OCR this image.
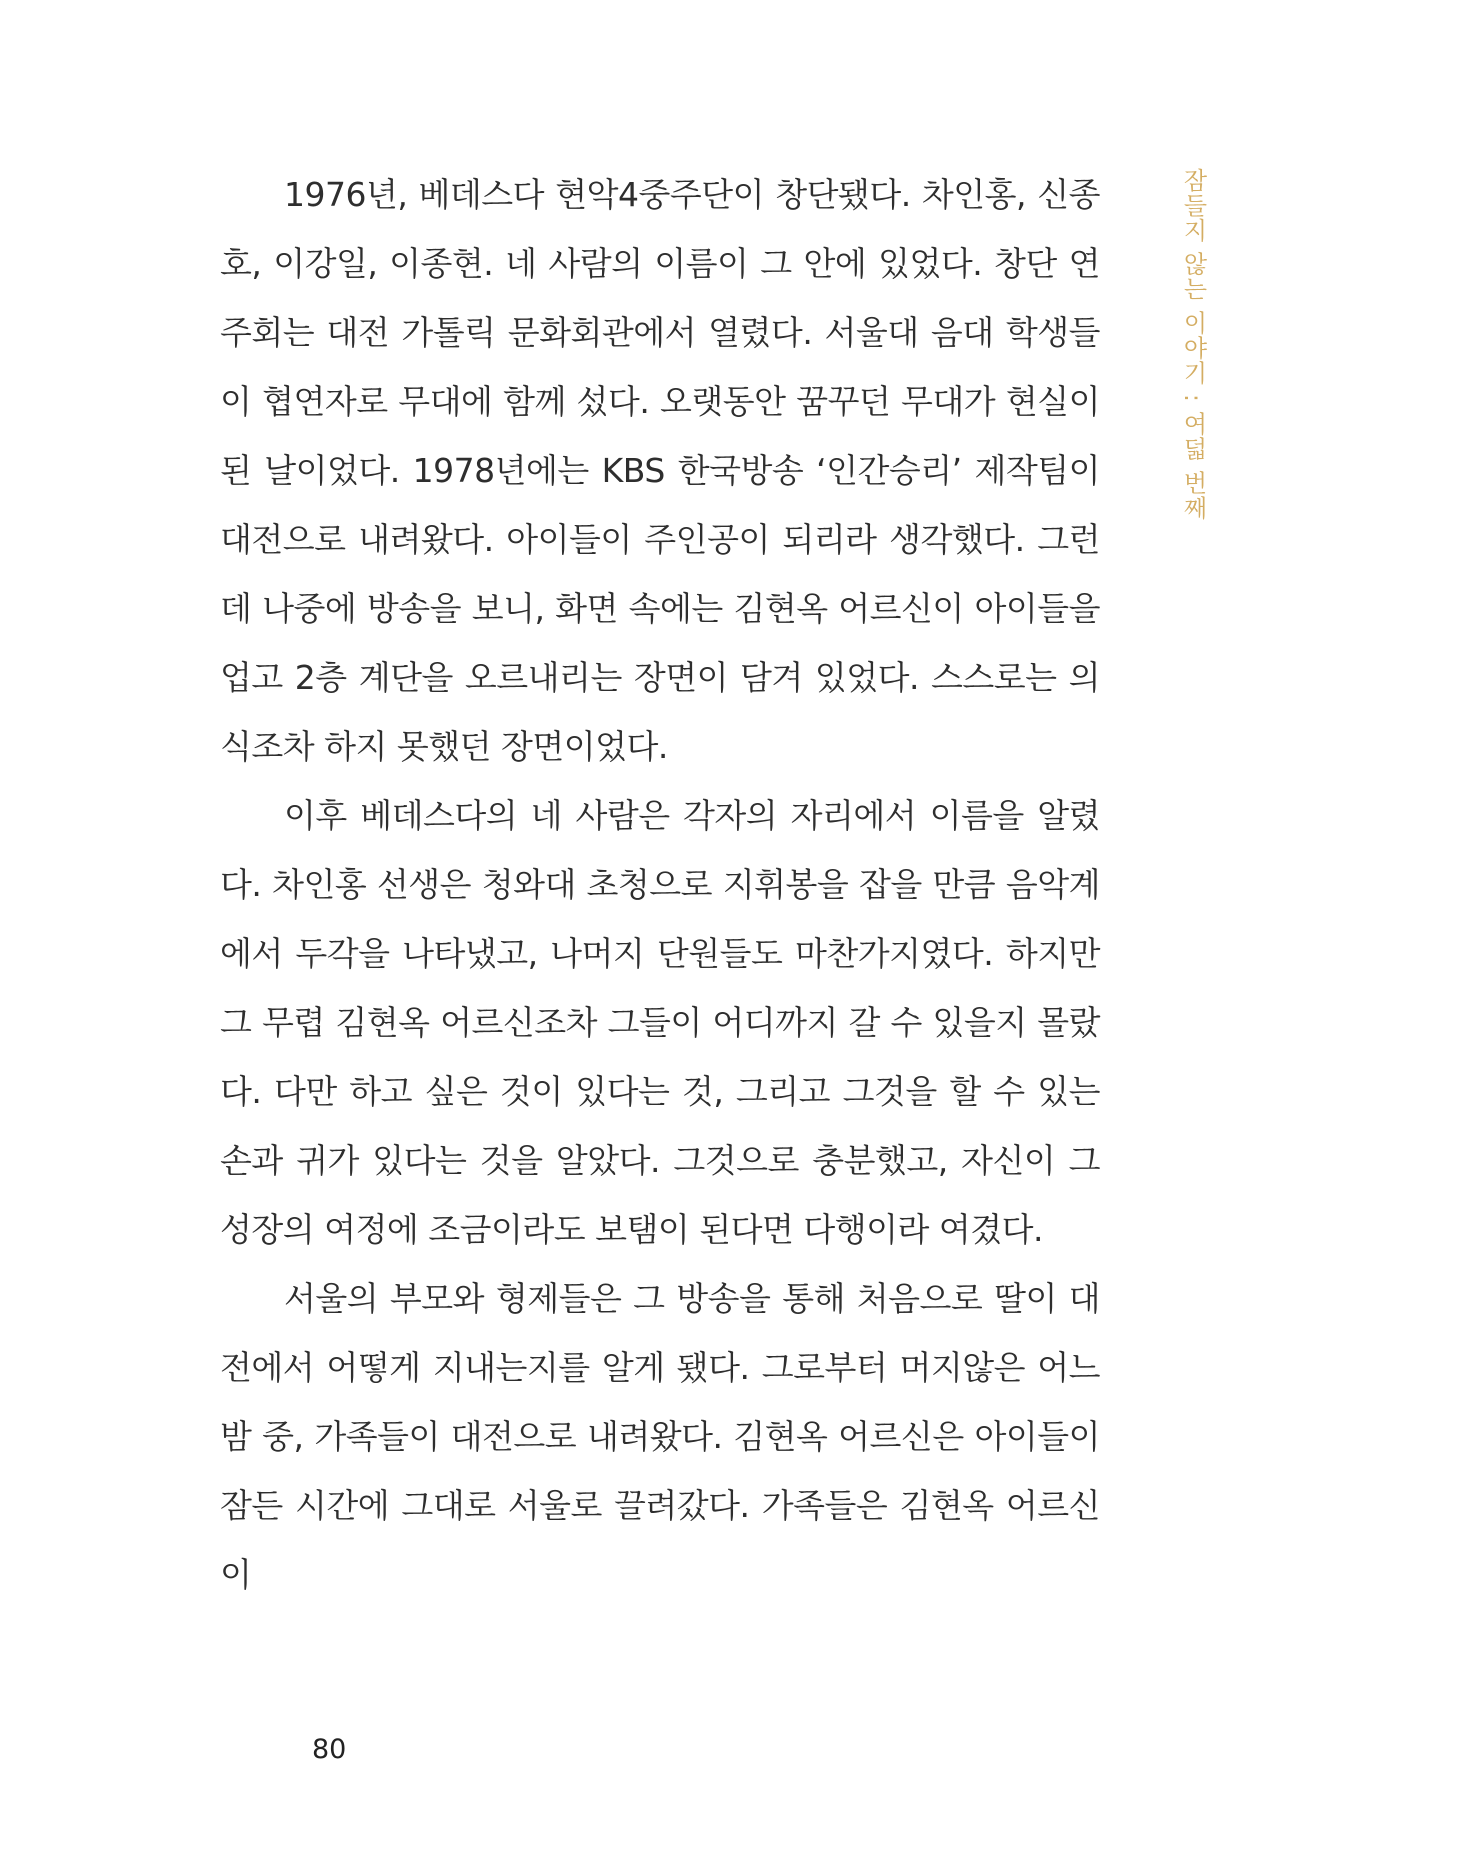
1976년, 베데스다 현악4중주단이 창단됐다. 차인홍, 신종호, 이강일, 이종현. 네 사람의 이름이 그 안에 있었다. 창단 연주회는 대전 가톨릭 문화회관에서 열렸다. 서울대 음대 학생들이 협연자로 무대에 함께 섰다. 오랫동안 꿈꾸던 무대가 현실이 된 날이었다. 1978년에는 KBS 한국방송 ‘인간승리’ 제작팀이 대전으로 내려왔다. 아이들이 주인공이 되리라 생각했다. 그런데 나중에 방송을 보니, 화면 속에는 김현옥 어르신이 아이들을 업고 2층 계단을 오르내리는 장면이 담겨 있었다. 스스로는 의식조차 하지 못했던 장면이었다.

이후 베데스다의 네 사람은 각자의 자리에서 이름을 알렸다. 차인홍 선생은 청와대 초청으로 지휘봉을 잡을 만큼 음악계에서 두각을 나타냈고, 나머지 단원들도 마찬가지였다. 하지만 그 무렵 김현옥 어르신조차 그들이 어디까지 갈 수 있을지 몰랐다. 다만 하고 싶은 것이 있다는 것, 그리고 그것을 할 수 있는 손과 귀가 있다는 것을 알았다. 그것으로 충분했고, 자신이 그 성장의 여정에 조금이라도 보탬이 된다면 다행이라 여겼다.

서울의 부모와 형제들은 그 방송을 통해 처음으로 딸이 대전에서 어떻게 지내는지를 알게 됐다. 그로부터 머지않은 어느 밤 중, 가족들이 대전으로 내려왔다. 김현옥 어르신은 아이들이 잠든 시간에 그대로 서울로 끌려갔다. 가족들은 김현옥 어르신이

잠들지 않는 이야기 : 여덟 번째
80
